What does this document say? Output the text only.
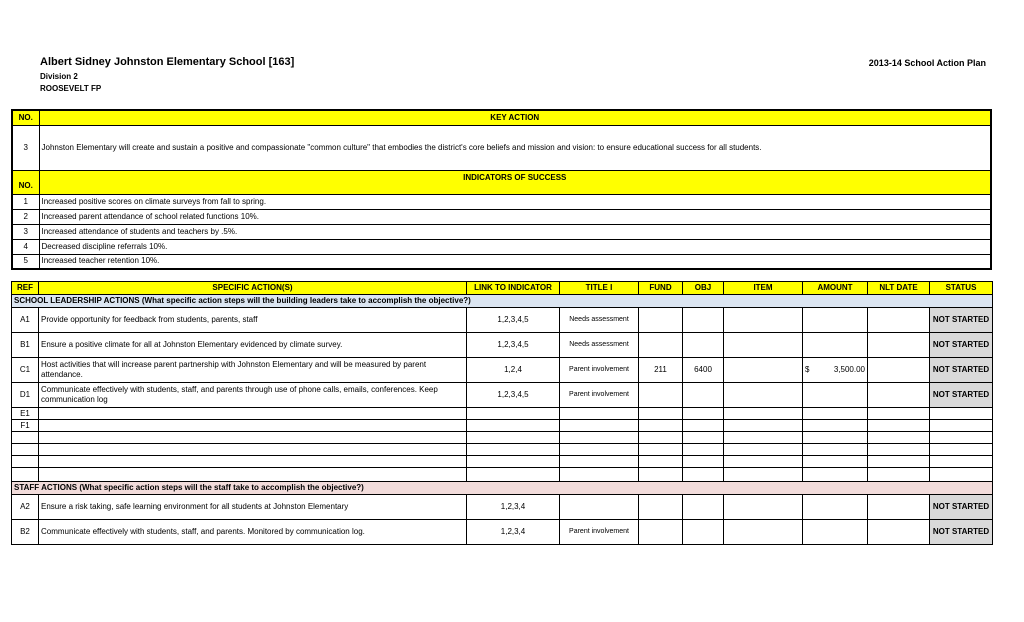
Albert Sidney Johnston Elementary School [163]
Division 2
ROOSEVELT FP
2013-14 School Action Plan
NO.	KEY ACTION
3	Johnston Elementary will create and sustain a positive and compassionate "common culture" that embodies the district's core beliefs and mission and vision: to ensure educational success for all students.
NO.	INDICATORS OF SUCCESS
1	Increased positive scores on climate surveys from fall to spring.
2	Increased parent attendance of school related functions 10%.
3	Increased attendance of students and teachers by .5%.
4	Decreased discipline referrals 10%.
5	Increased teacher retention 10%.
REF	SPECIFIC ACTION(S)	LINK TO INDICATOR	TITLE I	FUND	OBJ	ITEM	AMOUNT	NLT DATE	STATUS
SCHOOL LEADERSHIP ACTIONS (What specific action steps will the building leaders take to accomplish the objective?)									
A1	Provide opportunity for feedback from students, parents, staff	1,2,3,4,5	Needs assessment						NOT STARTED
B1	Ensure a positive climate for all at Johnston Elementary evidenced by climate survey.	1,2,3,4,5	Needs assessment						NOT STARTED
C1	Host activities that will increase parent partnership with Johnston Elementary and will be measured by parent attendance.	1,2,4	Parent involvement	211	6400		$ 3,500.00		NOT STARTED
D1	Communicate effectively with students, staff, and parents through use of phone calls, emails, conferences. Keep communication log	1,2,3,4,5	Parent involvement						NOT STARTED
E1									
F1									

STAFF ACTIONS (What specific action steps will the staff take to accomplish the objective?)									
A2	Ensure a risk taking, safe learning environment for all students at Johnston Elementary	1,2,3,4							NOT STARTED
B2	Communicate effectively with students, staff, and parents. Monitored by communication log.	1,2,3,4	Parent involvement						NOT STARTED
